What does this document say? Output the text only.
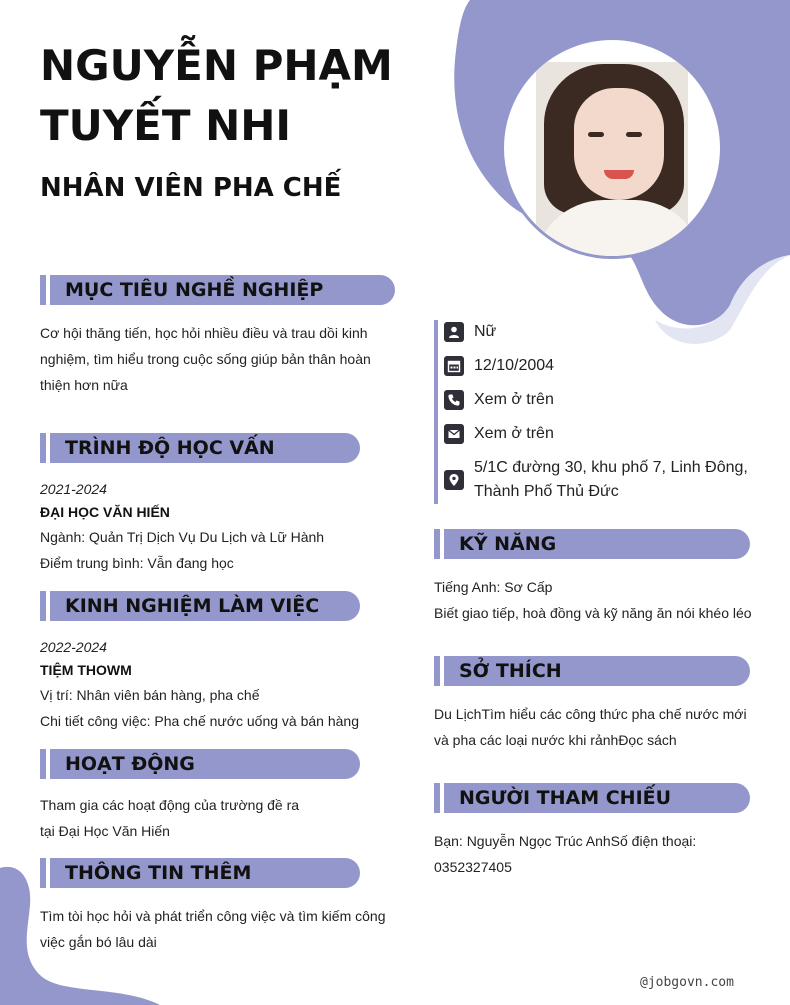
NGUYỄN PHẠM TUYẾT NHI
NHÂN VIÊN PHA CHẾ
MỤC TIÊU NGHỀ NGHIỆP
Cơ hội thăng tiến, học hỏi nhiều điều và trau dồi kinh nghiệm, tìm hiểu trong cuộc sống giúp bản thân hoàn thiện hơn nữa
TRÌNH ĐỘ HỌC VẤN
2021-2024
ĐẠI HỌC VĂN HIẾN
Ngành: Quản Trị Dịch Vụ Du Lịch và Lữ Hành
Điểm trung bình: Vẫn đang học
KINH NGHIỆM LÀM VIỆC
2022-2024
TIỆM THOWM
Vị trí: Nhân viên bán hàng, pha chế
Chi tiết công việc: Pha chế nước uống và bán hàng
HOẠT ĐỘNG
Tham gia các hoạt động của trường đề ra
tại Đại Học Văn Hiến
THÔNG TIN THÊM
Tìm tòi học hỏi và phát triển công việc và tìm kiếm công việc gắn bó lâu dài
Nữ
12/10/2004
Xem ở trên
Xem ở trên
5/1C đường 30, khu phố 7, Linh Đông, Thành Phố Thủ Đức
KỸ NĂNG
Tiếng Anh: Sơ Cấp
Biết giao tiếp, hoà đồng và kỹ năng ăn nói khéo léo
SỞ THÍCH
Du LịchTìm hiểu các công thức pha chế nước mới và pha các loại nước khi rảnhĐọc sách
NGƯỜI THAM CHIẾU
Bạn: Nguyễn Ngọc Trúc AnhSố điện thoại: 0352327405
@jobgovn.com
